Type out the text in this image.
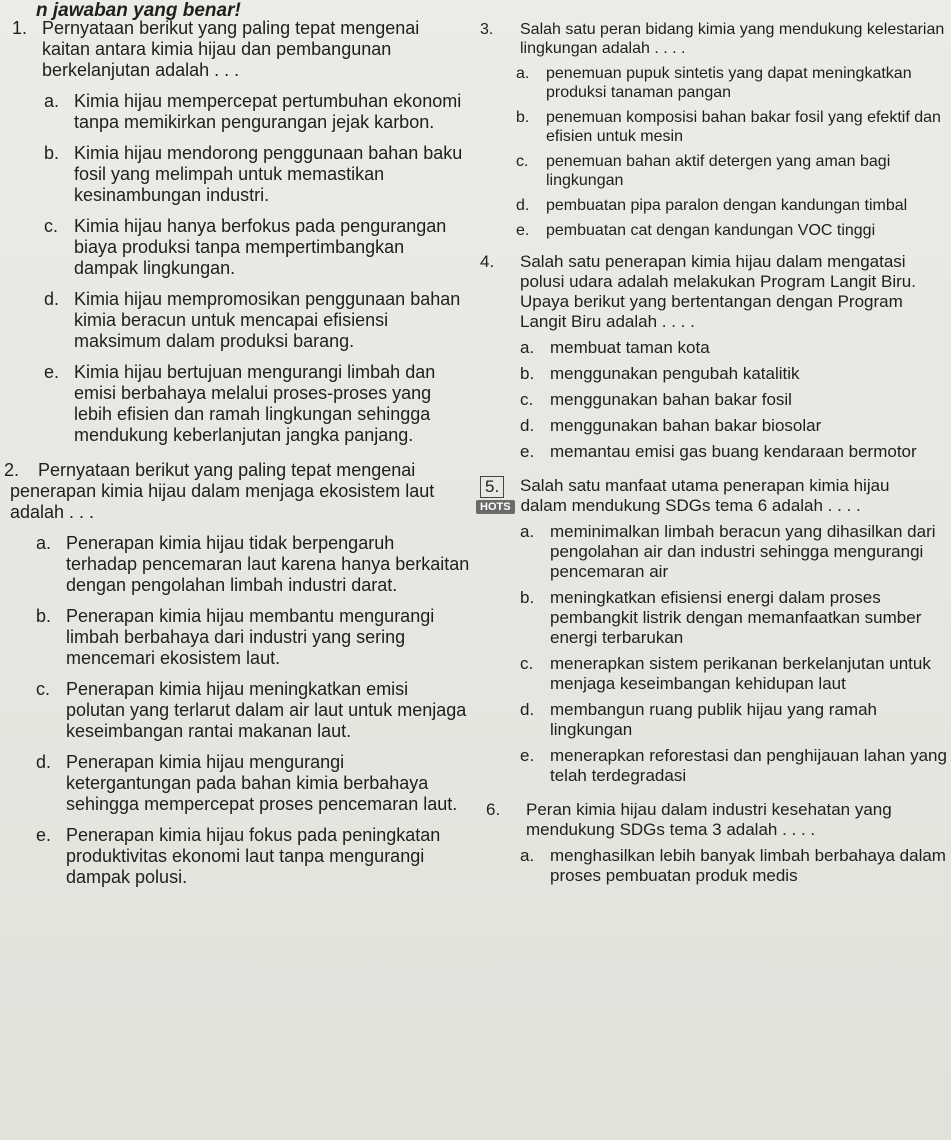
n jawaban yang benar!
1. Pernyataan berikut yang paling tepat mengenai kaitan antara kimia hijau dan pembangunan berkelanjutan adalah . . .
a. Kimia hijau mempercepat pertumbuhan ekonomi tanpa memikirkan pengurangan jejak karbon.
b. Kimia hijau mendorong penggunaan bahan baku fosil yang melimpah untuk memastikan kesinambungan industri.
c. Kimia hijau hanya berfokus pada pengurangan biaya produksi tanpa mempertimbangkan dampak lingkungan.
d. Kimia hijau mempromosikan penggunaan bahan kimia beracun untuk mencapai efisiensi maksimum dalam produksi barang.
e. Kimia hijau bertujuan mengurangi limbah dan emisi berbahaya melalui proses-proses yang lebih efisien dan ramah lingkungan sehingga mendukung keberlanjutan jangka panjang.
2.	Pernyataan berikut yang paling tepat mengenai penerapan kimia hijau dalam menjaga ekosistem laut adalah . . .
a. Penerapan kimia hijau tidak berpengaruh terhadap pencemaran laut karena hanya berkaitan dengan pengolahan limbah industri darat.
b. Penerapan kimia hijau membantu mengurangi limbah berbahaya dari industri yang sering mencemari ekosistem laut.
c. Penerapan kimia hijau meningkatkan emisi polutan yang terlarut dalam air laut untuk menjaga keseimbangan rantai makanan laut.
d. Penerapan kimia hijau mengurangi ketergantungan pada bahan kimia berbahaya sehingga mempercepat proses pencemaran laut.
e. Penerapan kimia hijau fokus pada peningkatan produktivitas ekonomi laut tanpa mengurangi dampak polusi.
3.	Salah satu peran bidang kimia yang mendukung kelestarian lingkungan adalah . . . .
a.	penemuan pupuk sintetis yang dapat meningkatkan produksi tanaman pangan
b.	penemuan komposisi bahan bakar fosil yang efektif dan efisien untuk mesin
c.	penemuan bahan aktif detergen yang aman bagi lingkungan
d.	pembuatan pipa paralon dengan kandungan timbal
e.	pembuatan cat dengan kandungan VOC tinggi
4.	Salah satu penerapan kimia hijau dalam mengatasi polusi udara adalah melakukan Program Langit Biru. Upaya berikut yang bertentangan dengan Program Langit Biru adalah . . . .
a. membuat taman kota
b. menggunakan pengubah katalitik
c. menggunakan bahan bakar fosil
d. menggunakan bahan bakar biosolar
e. memantau emisi gas buang kendaraan bermotor
5.	Salah satu manfaat utama penerapan kimia hijau
HOTS dalam mendukung SDGs tema 6 adalah . . . .
a. meminimalkan limbah beracun yang dihasilkan dari pengolahan air dan industri sehingga mengurangi pencemaran air
b. meningkatkan efisiensi energi dalam proses pembangkit listrik dengan memanfaatkan sumber energi terbarukan
c. menerapkan sistem perikanan berkelanjutan untuk menjaga keseimbangan kehidupan laut
d. membangun ruang publik hijau yang ramah lingkungan
e. menerapkan reforestasi dan penghijauan lahan yang telah terdegradasi
6.	Peran kimia hijau dalam industri kesehatan yang mendukung SDGs tema 3 adalah . . . .
a. menghasilkan lebih banyak limbah berbahaya dalam proses pembuatan produk medis
